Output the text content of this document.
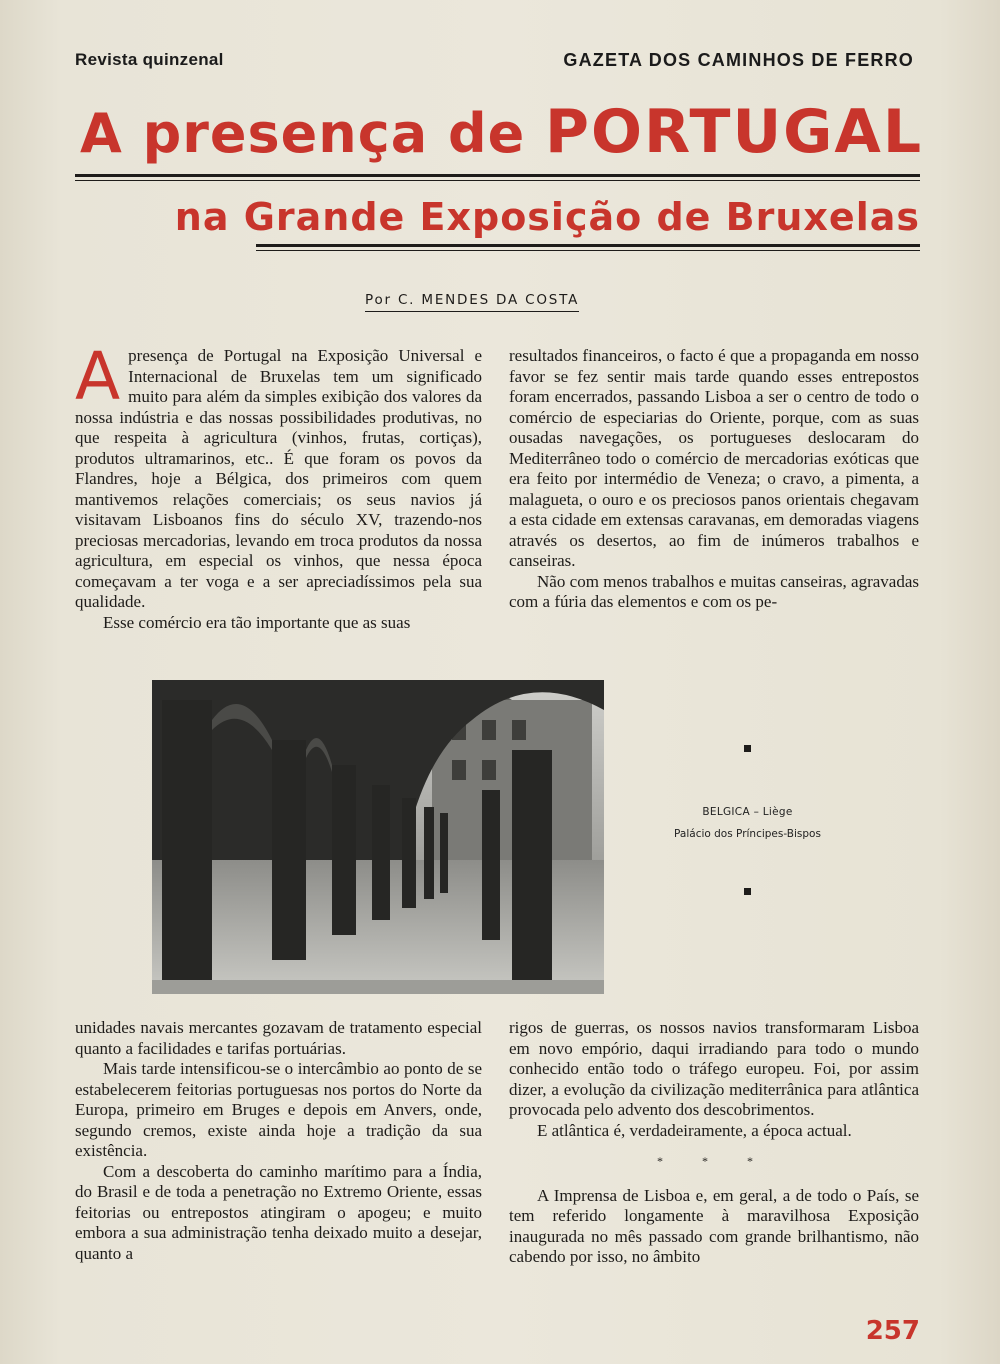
Revista quinzenal	GAZETA DOS CAMINHOS DE FERRO
A presença de PORTUGAL
na Grande Exposição de Bruxelas
Por C. MENDES DA COSTA

Apresença de Portugal na Exposição Universal e Internacional de Bruxelas tem um significado muito para além da simples exibição dos valores da nossa indústria e das nossas possibilidades produtivas, no que respeita à agricultura (vinhos, frutas, cortiças), produtos ultramarinos, etc.. É que foram os povos da Flandres, hoje a Bélgica, dos primeiros com quem mantivemos relações comerciais; os seus navios já visitavam Lisboanos fins do século XV, trazendo-nos preciosas mercadorias, levando em troca produtos da nossa agricultura, em especial os vinhos, que nessa época começavam a ter voga e a ser apreciadíssimos pela sua qualidade.

Esse comércio era tão importante que as suas

resultados financeiros, o facto é que a propaganda em nosso favor se fez sentir mais tarde quando esses entrepostos foram encerrados, passando Lisboa a ser o centro de todo o comércio de especiarias do Oriente, porque, com as suas ousadas navegações, os portugueses deslocaram do Mediterrâneo todo o comércio de mercadorias exóticas que era feito por intermédio de Veneza; o cravo, a pimenta, a malagueta, o ouro e os preciosos panos orientais chegavam a esta cidade em extensas caravanas, em demoradas viagens através os desertos, ao fim de inúmeros trabalhos e canseiras.

Não com menos trabalhos e muitas canseiras, agravadas com a fúria das elementos e com os pe-

BELGICA – Liège
Palácio dos Príncipes-Bispos

unidades navais mercantes gozavam de tratamento especial quanto a facilidades e tarifas portuárias.

Mais tarde intensificou-se o intercâmbio ao ponto de se estabelecerem feitorias portuguesas nos portos do Norte da Europa, primeiro em Bruges e depois em Anvers, onde, segundo cremos, existe ainda hoje a tradição da sua existência.

Com a descoberta do caminho marítimo para a Índia, do Brasil e de toda a penetração no Extremo Oriente, essas feitorias ou entrepostos atingiram o apogeu; e muito embora a sua administração tenha deixado muito a desejar, quanto a

rigos de guerras, os nossos navios transformaram Lisboa em novo empório, daqui irradiando para todo o mundo conhecido então todo o tráfego europeu. Foi, por assim dizer, a evolução da civilização mediterrânica para atlântica provocada pelo advento dos descobrimentos.

E atlântica é, verdadeiramente, a época actual.

* * *

A Imprensa de Lisboa e, em geral, a de todo o País, se tem referido longamente à maravilhosa Exposição inaugurada no mês passado com grande brilhantismo, não cabendo por isso, no âmbito

257
